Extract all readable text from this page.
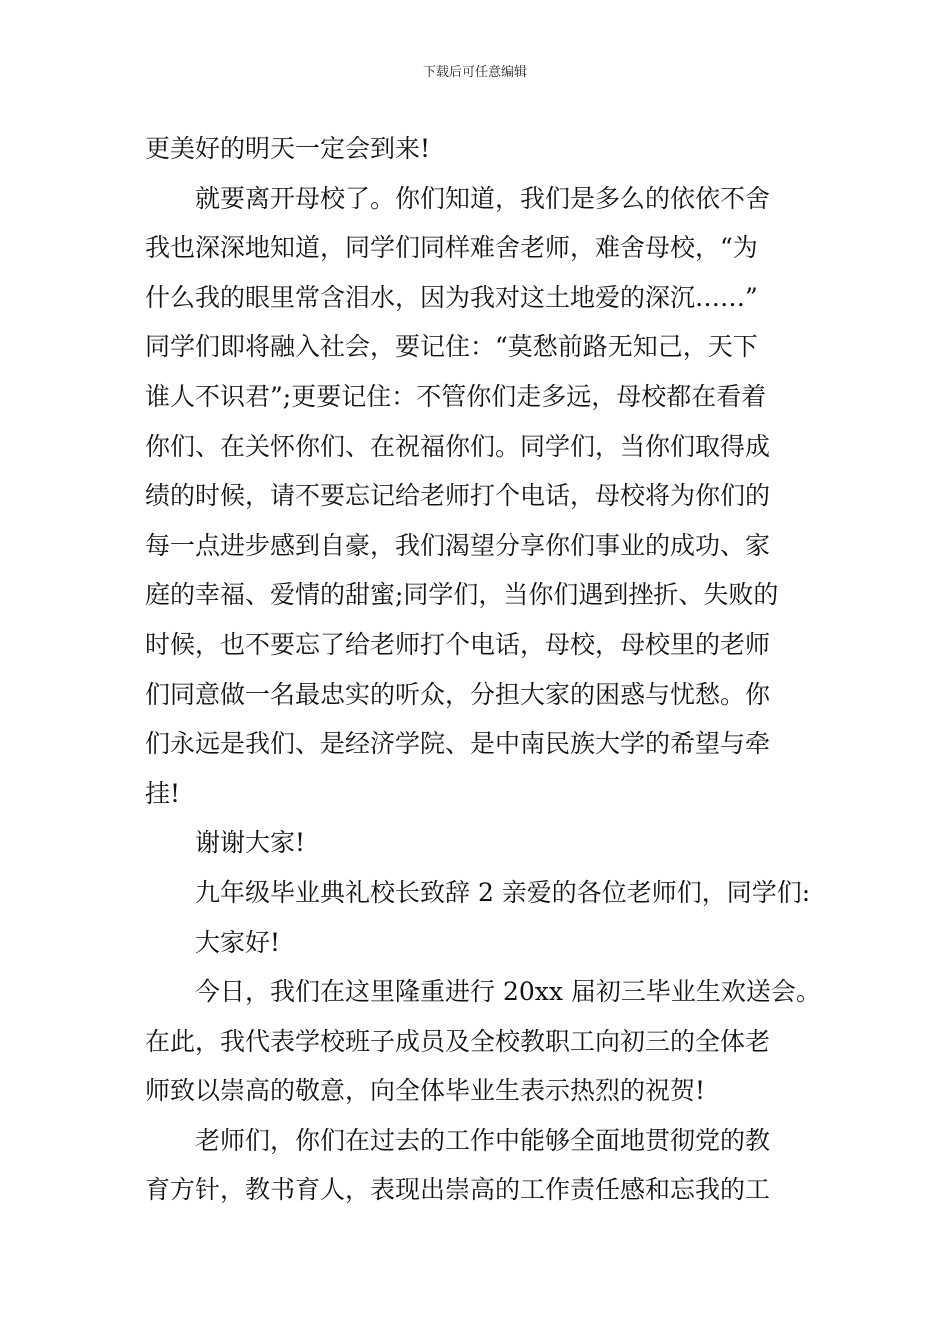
下载后可任意编辑
更美好的明天一定会到来!
就要离开母校了。你们知道，我们是多么的依依不舍
我也深深地知道，同学们同样难舍老师，难舍母校，“为
什么我的眼里常含泪水，因为我对这土地爱的深沉……”
同学们即将融入社会，要记住：“莫愁前路无知己，天下
谁人不识君”;更要记住：不管你们走多远，母校都在看着
你们、在关怀你们、在祝福你们。同学们，当你们取得成
绩的时候，请不要忘记给老师打个电话，母校将为你们的
每一点进步感到自豪，我们渴望分享你们事业的成功、家
庭的幸福、爱情的甜蜜;同学们，当你们遇到挫折、失败的
时候，也不要忘了给老师打个电话，母校，母校里的老师
们同意做一名最忠实的听众，分担大家的困惑与忧愁。你
们永远是我们、是经济学院、是中南民族大学的希望与牵
挂!
谢谢大家!
九年级毕业典礼校长致辞 2 亲爱的各位老师们，同学们:
大家好!
今日，我们在这里隆重进行 20xx 届初三毕业生欢送会。
在此，我代表学校班子成员及全校教职工向初三的全体老
师致以崇高的敬意，向全体毕业生表示热烈的祝贺!
老师们，你们在过去的工作中能够全面地贯彻党的教
育方针，教书育人，表现出崇高的工作责任感和忘我的工
